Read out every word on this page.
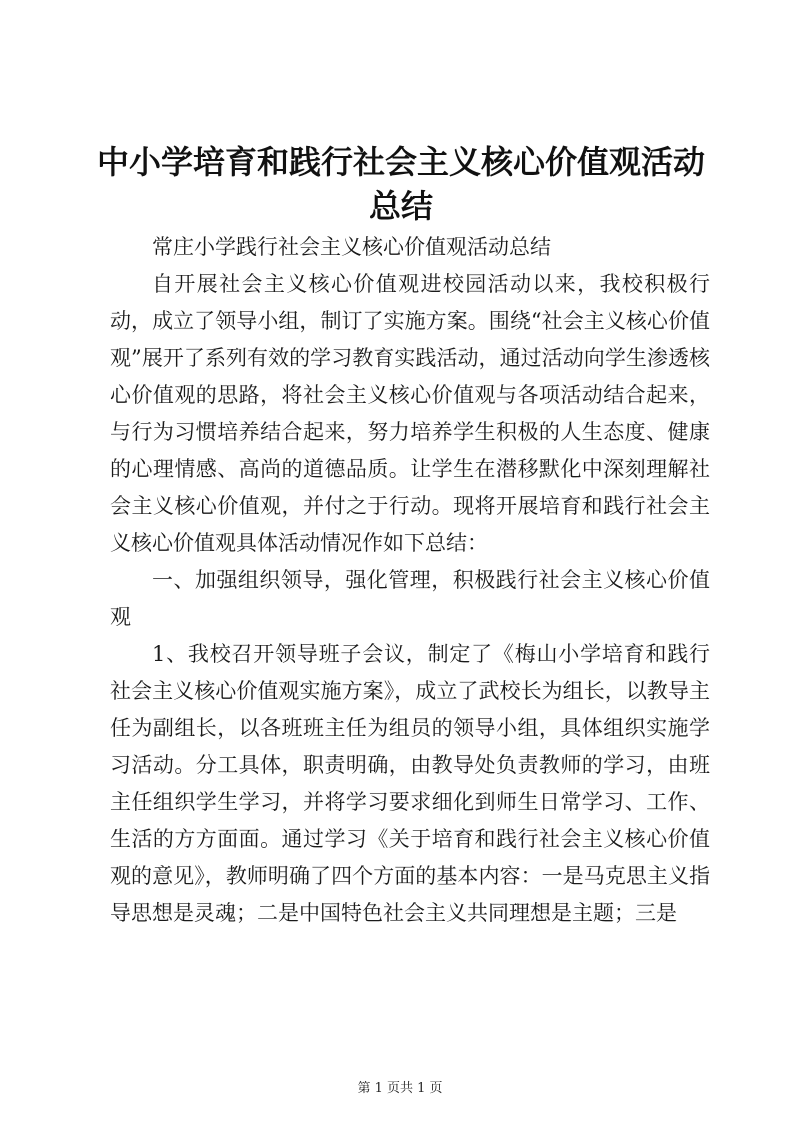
中小学培育和践行社会主义核心价值观活动总结

常庄小学践行社会主义核心价值观活动总结

自开展社会主义核心价值观进校园活动以来，我校积极行动，成立了领导小组，制订了实施方案。围绕“社会主义核心价值观”展开了系列有效的学习教育实践活动，通过活动向学生渗透核心价值观的思路，将社会主义核心价值观与各项活动结合起来，与行为习惯培养结合起来，努力培养学生积极的人生态度、健康的心理情感、高尚的道德品质。让学生在潜移默化中深刻理解社会主义核心价值观，并付之于行动。现将开展培育和践行社会主义核心价值观具体活动情况作如下总结：

一、加强组织领导，强化管理，积极践行社会主义核心价值观

1、我校召开领导班子会议，制定了《梅山小学培育和践行社会主义核心价值观实施方案》，成立了武校长为组长，以教导主任为副组长，以各班班主任为组员的领导小组，具体组织实施学习活动。分工具体，职责明确，由教导处负责教师的学习，由班主任组织学生学习，并将学习要求细化到师生日常学习、工作、生活的方方面面。通过学习《关于培育和践行社会主义核心价值观的意见》，教师明确了四个方面的基本内容：一是马克思主义指导思想是灵魂；二是中国特色社会主义共同理想是主题；三是

第 1 页共 1 页
